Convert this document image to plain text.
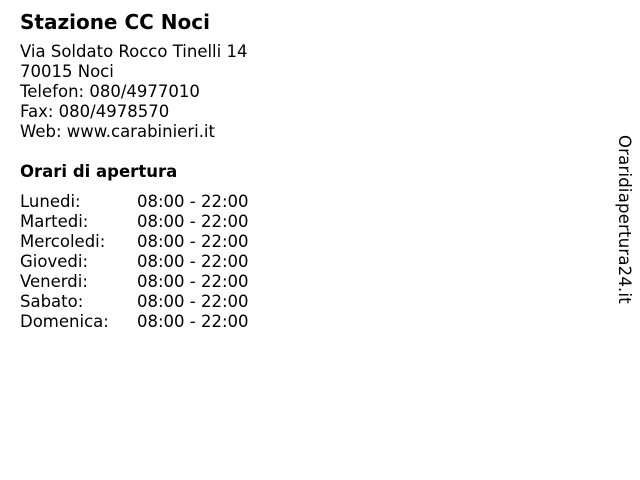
Stazione CC Noci
Via Soldato Rocco Tinelli 14
70015 Noci
Telefon: 080/4977010
Fax: 080/4978570
Web: www.carabinieri.it
Orari di apertura
Lunedi:	08:00 - 22:00
Martedi:	08:00 - 22:00
Mercoledi:	08:00 - 22:00
Giovedi:	08:00 - 22:00
Venerdi:	08:00 - 22:00
Sabato:	08:00 - 22:00
Domenica:	08:00 - 22:00
Oraridiapertura24.it
